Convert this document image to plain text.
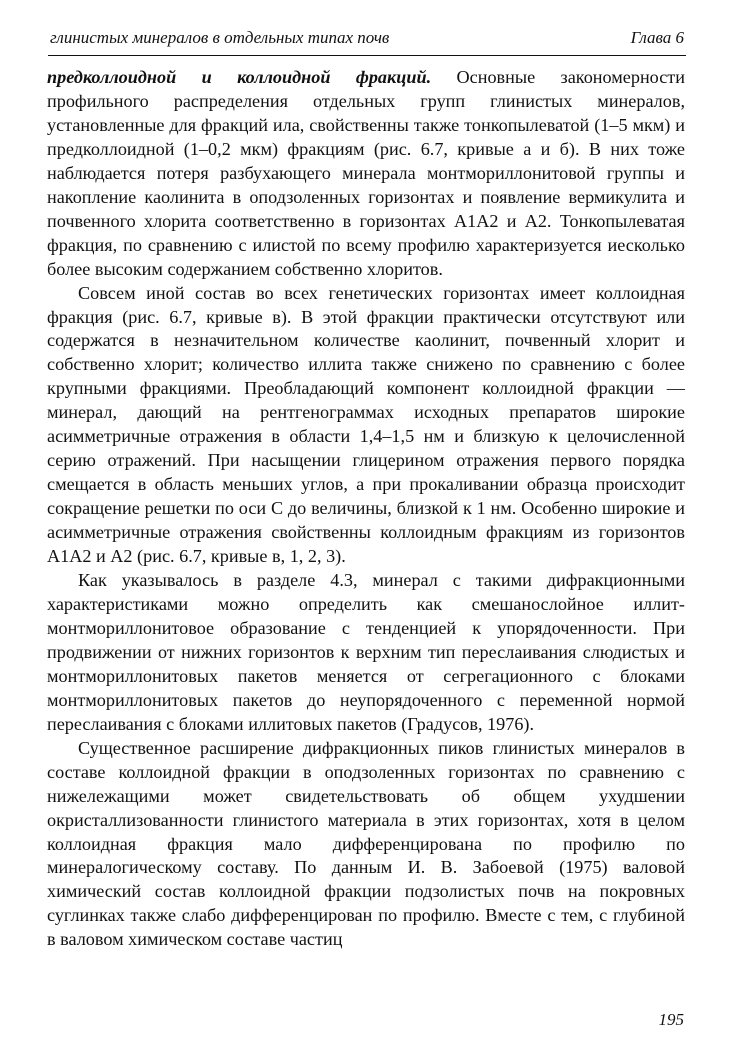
глинистых минералов в отдельных типах почв	Глава 6

предколлоидной и коллоидной фракций. Основные закономерности профильного распределения отдельных групп глинистых минералов, установленные для фракций ила, свойственны также тонкопылеватой (1–5 мкм) и предколлоидной (1–0,2 мкм) фракциям (рис. 6.7, кривые а и б). В них тоже наблюдается потеря разбухающего минерала монтмориллонитовой группы и накопление каолинита в оподзоленных горизонтах и появление вермикулита и почвенного хлорита соответственно в горизонтах A1A2 и A2. Тонкопылеватая фракция, по сравнению с илистой по всему профилю характеризуется иесколько более высоким содержанием собственно хлоритов.

Совсем иной состав во всех генетических горизонтах имеет коллоидная фракция (рис. 6.7, кривые в). В этой фракции практически отсутствуют или содержатся в незначительном количестве каолинит, почвенный хлорит и собственно хлорит; количество иллита также снижено по сравнению с более крупными фракциями. Преобладающий компонент коллоидной фракции — минерал, дающий на рентгенограммах исходных препаратов широкие асимметричные отражения в области 1,4–1,5 нм и близкую к целочисленной серию отражений. При насыщении глицерином отражения первого порядка смещается в область меньших углов, а при прокаливании образца происходит сокращение решетки по оси С до величины, близкой к 1 нм. Особенно широкие и асимметричные отражения свойственны коллоидным фракциям из горизонтов A1A2 и A2 (рис. 6.7, кривые в, 1, 2, 3).

Как указывалось в разделе 4.3, минерал с такими дифракционными характеристиками можно определить как смешанослойное иллит-монтмориллонитовое образование с тенденцией к упорядоченности. При продвижении от нижних горизонтов к верхним тип переслаивания слюдистых и монтмориллонитовых пакетов меняется от сегрегационного с блоками монтмориллонитовых пакетов до неупорядоченного с переменной нормой переслаивания с блоками иллитовых пакетов (Градусов, 1976).

Существенное расширение дифракционных пиков глинистых минералов в составе коллоидной фракции в оподзоленных горизонтах по сравнению с нижележащими может свидетельствовать об общем ухудшении окристаллизованности глинистого материала в этих горизонтах, хотя в целом коллоидная фракция мало дифференцирована по профилю по минералогическому составу. По данным И. В. Забоевой (1975) валовой химический состав коллоидной фракции подзолистых почв на покровных суглинках также слабо дифференцирован по профилю. Вместе с тем, с глубиной в валовом химическом составе частиц

195
